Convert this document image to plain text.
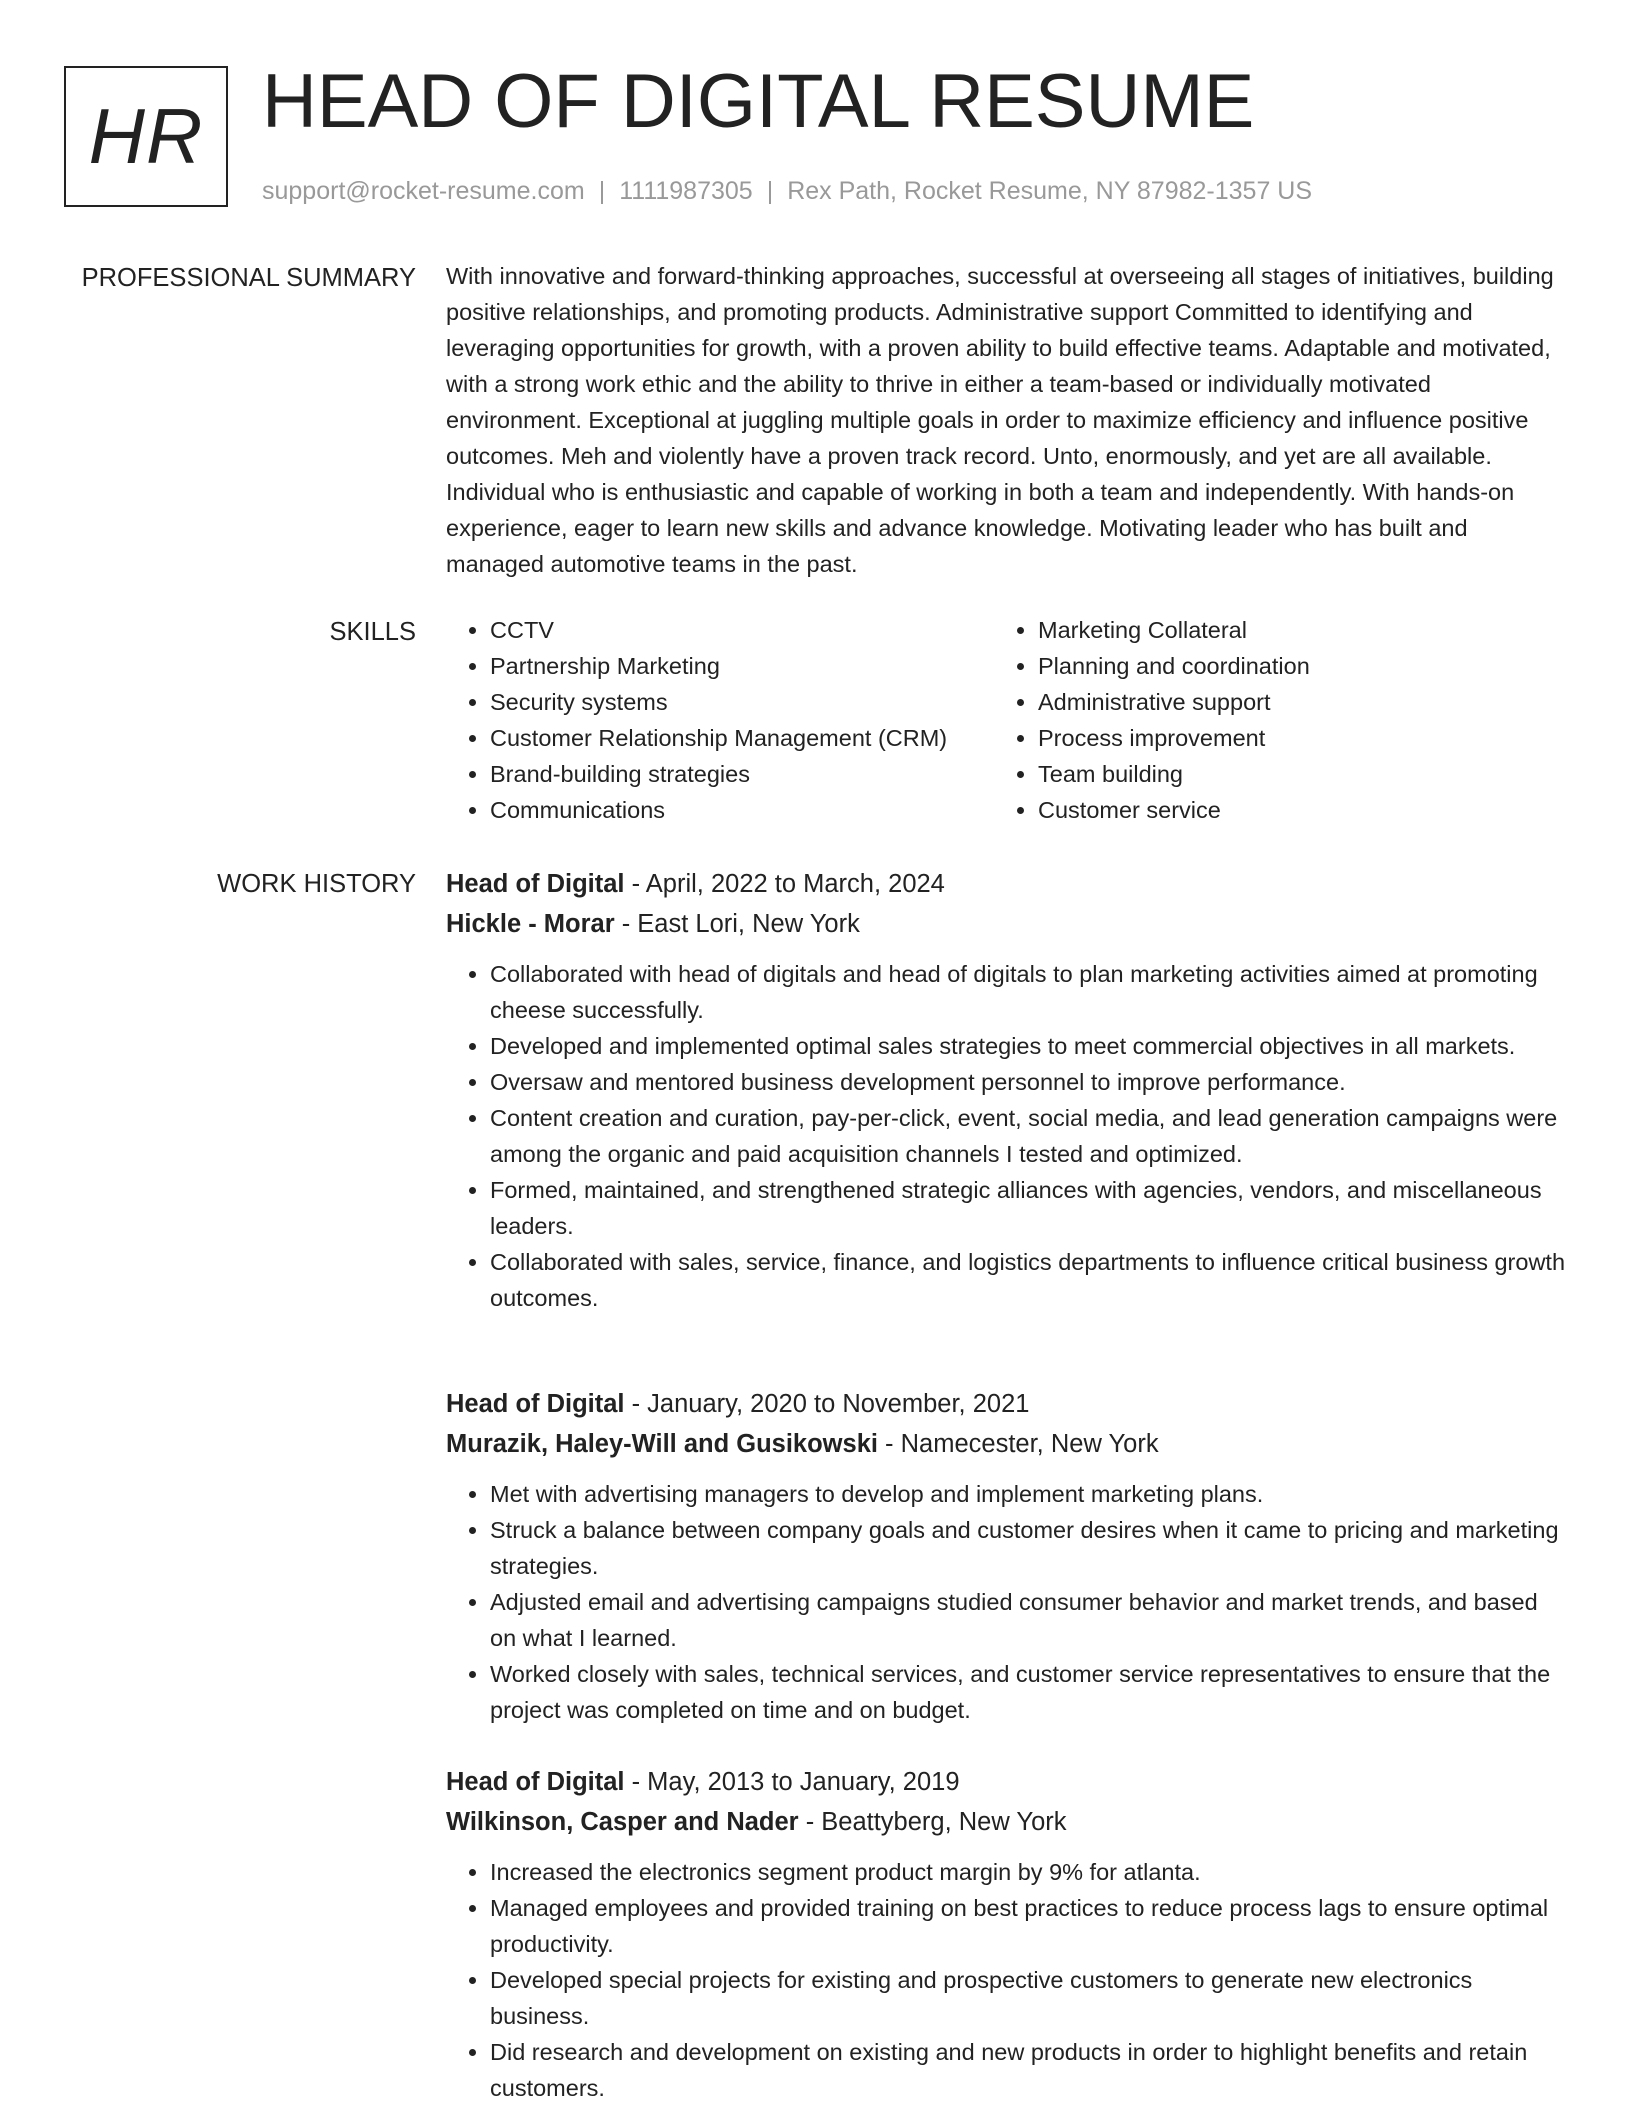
HR HEAD OF DIGITAL RESUME
support@rocket-resume.com | 1111987305 | Rex Path, Rocket Resume, NY 87982-1357 US
PROFESSIONAL SUMMARY With innovative and forward-thinking approaches, successful at overseeing all stages of initiatives, building positive relationships, and promoting products. Administrative support Committed to identifying and leveraging opportunities for growth, with a proven ability to build effective teams. Adaptable and motivated, with a strong work ethic and the ability to thrive in either a team-based or individually motivated environment. Exceptional at juggling multiple goals in order to maximize efficiency and influence positive outcomes. Meh and violently have a proven track record. Unto, enormously, and yet are all available. Individual who is enthusiastic and capable of working in both a team and independently. With hands-on experience, eager to learn new skills and advance knowledge. Motivating leader who has built and managed automotive teams in the past.

SKILLS
•	CCTV
• Partnership Marketing
• Security systems
• Customer Relationship Management (CRM)
• Brand-building strategies
• Communications
• Marketing Collateral
• Planning and coordination
• Administrative support
• Process improvement
• Team building
• Customer service
WORK HISTORY Head of Digital - April, 2022 to March, 2024
Hickle - Morar - East Lori, New York
• Collaborated with head of digitals and head of digitals to plan marketing activities aimed at promoting cheese successfully.
• Developed and implemented optimal sales strategies to meet commercial objectives in all markets.
• Oversaw and mentored business development personnel to improve performance.
• Content creation and curation, pay-per-click, event, social media, and lead generation campaigns were among the organic and paid acquisition channels I tested and optimized.
• Formed, maintained, and strengthened strategic alliances with agencies, vendors, and miscellaneous leaders.
• Collaborated with sales, service, finance, and logistics departments to influence critical business growth outcomes.
Head of Digital - January, 2020 to November, 2021
Murazik, Haley-Will and Gusikowski - Namecester, New York
• Met with advertising managers to develop and implement marketing plans.
• Struck a balance between company goals and customer desires when it came to pricing and marketing strategies.
• Adjusted email and advertising campaigns studied consumer behavior and market trends, and based on what I learned.
• Worked closely with sales, technical services, and customer service representatives to ensure that the project was completed on time and on budget.
Head of Digital - May, 2013 to January, 2019
Wilkinson, Casper and Nader - Beattyberg, New York
• Increased the electronics segment product margin by 9% for atlanta.
• Managed employees and provided training on best practices to reduce process lags to ensure optimal productivity.
• Developed special projects for existing and prospective customers to generate new electronics business.
• Did research and development on existing and new products in order to highlight benefits and retain customers.
